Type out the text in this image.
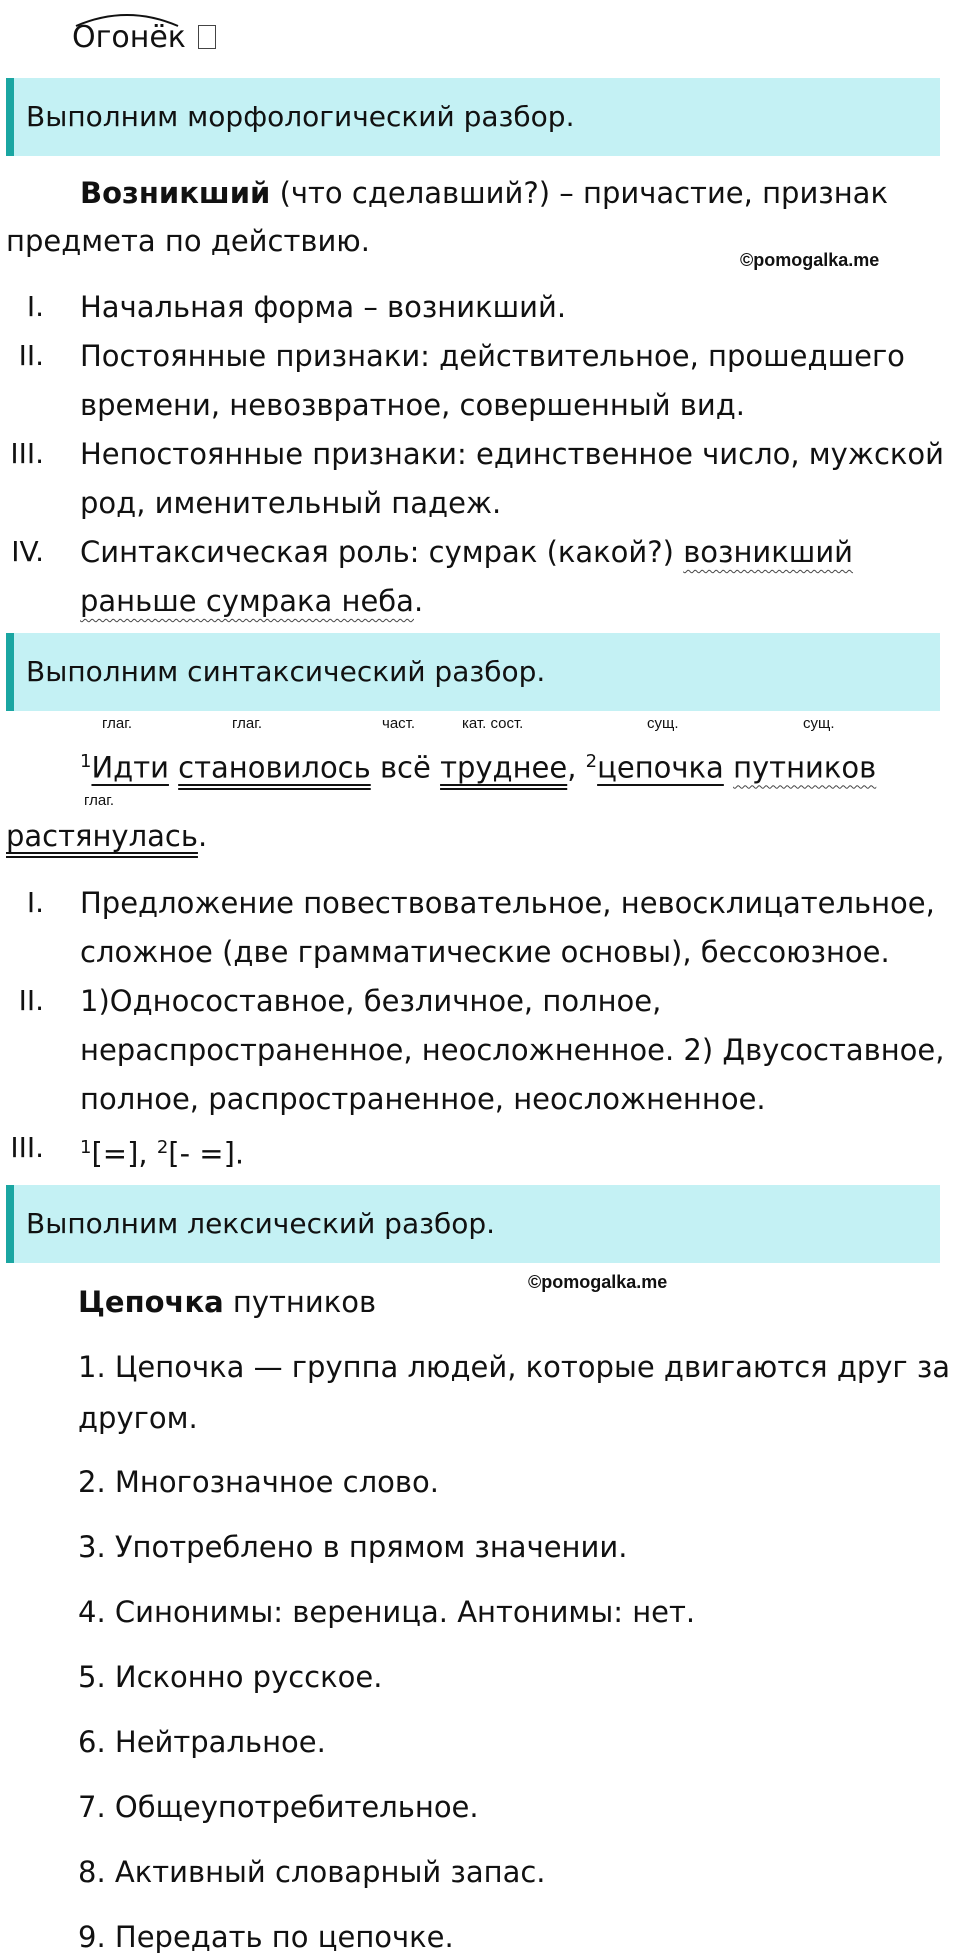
Огонёк
Выполним морфологический разбор.
Возникший (что сделавший?) – причастие, признак
предмета по действию.
©pomogalka.me
I. Начальная форма – возникший.
II. Постоянные признаки: действительное, прошедшего
времени, невозвратное, совершенный вид.
III. Непостоянные признаки: единственное число, мужской
род, именительный падеж.
IV. Синтаксическая роль: сумрак (какой?) возникший
раньше сумрака неба.
Выполним синтаксический разбор.
глаг.	глаг.	част.	кат. сост.	сущ.	сущ.
$^1$Идти становилось всё труднее, $^2$цепочка путников
глаг.
растянулась.
I. Предложение повествовательное, невосклицательное,
сложное (две грамматические основы), бессоюзное.
II. 1)Односоставное, безличное, полное,
нераспространенное, неосложненное. 2) Двусоставное,
полное, распространенное, неосложненное.
III. $^1$[=], $^2$[- =].
Выполним лексический разбор.
©pomogalka.me
Цепочка путников
1. Цепочка — группа людей, которые двигаются друг за
другом.
2. Многозначное слово.
3. Употреблено в прямом значении.
4. Синонимы: вереница. Антонимы: нет.
5. Исконно русское.
6. Нейтральное.
7. Общеупотребительное.
8. Активный словарный запас.
9. Передать по цепочке.
